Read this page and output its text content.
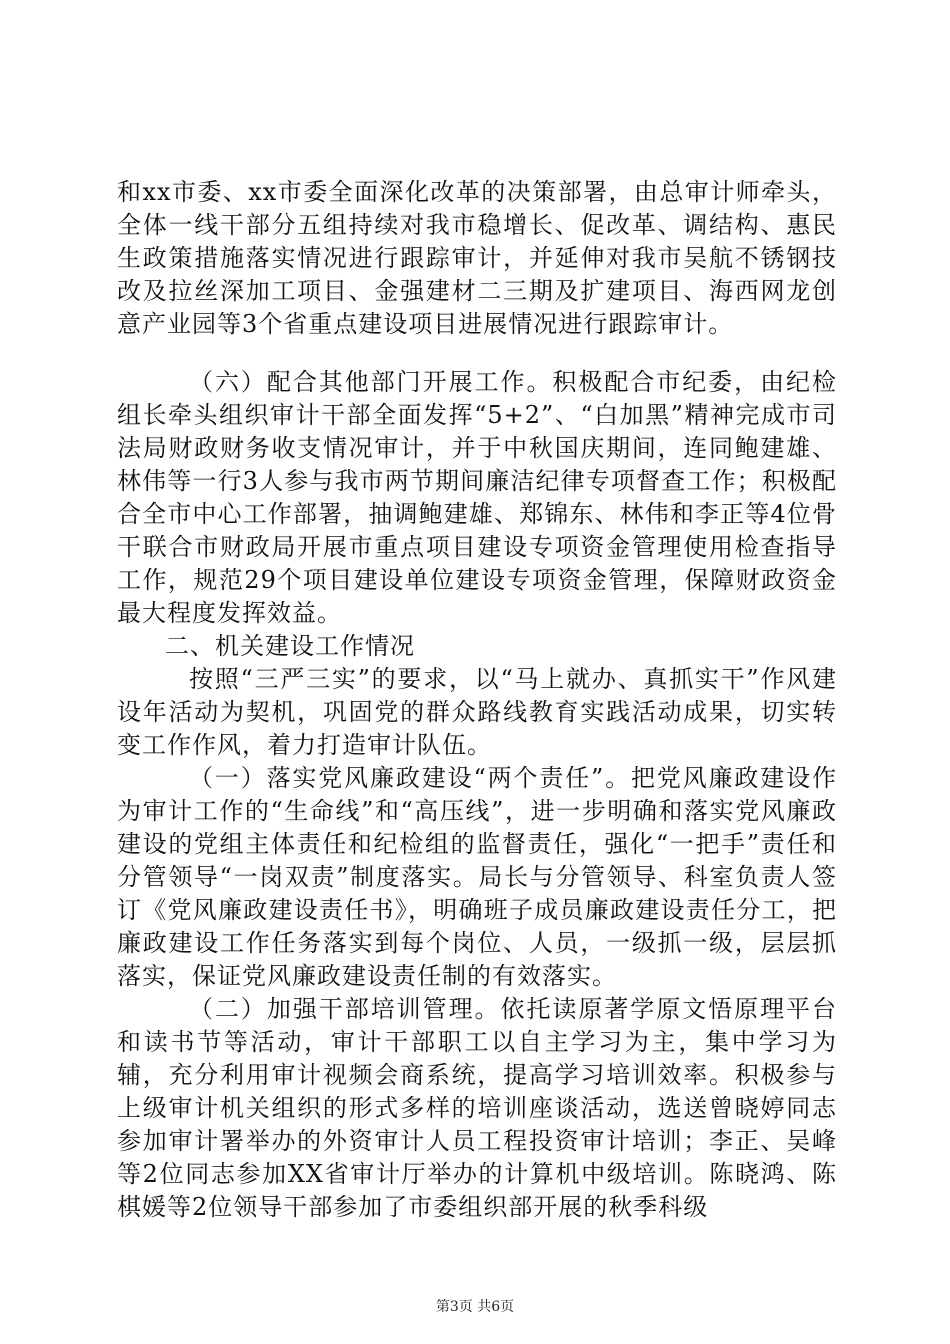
和xx市委、xx市委全面深化改革的决策部署，由总审计师牵头，全体一线干部分五组持续对我市稳增长、促改革、调结构、惠民生政策措施落实情况进行跟踪审计，并延伸对我市吴航不锈钢技改及拉丝深加工项目、金强建材二三期及扩建项目、海西网龙创意产业园等3个省重点建设项目进展情况进行跟踪审计。

（六）配合其他部门开展工作。积极配合市纪委，由纪检组长牵头组织审计干部全面发挥“5+2”、“白加黑”精神完成市司法局财政财务收支情况审计，并于中秋国庆期间，连同鲍建雄、林伟等一行3人参与我市两节期间廉洁纪律专项督查工作；积极配合全市中心工作部署，抽调鲍建雄、郑锦东、林伟和李正等4位骨干联合市财政局开展市重点项目建设专项资金管理使用检查指导工作，规范29个项目建设单位建设专项资金管理，保障财政资金最大程度发挥效益。

二、机关建设工作情况

按照“三严三实”的要求，以“马上就办、真抓实干”作风建设年活动为契机，巩固党的群众路线教育实践活动成果，切实转变工作作风，着力打造审计队伍。

（一）落实党风廉政建设“两个责任”。把党风廉政建设作为审计工作的“生命线”和“高压线”，进一步明确和落实党风廉政建设的党组主体责任和纪检组的监督责任，强化“一把手”责任和分管领导“一岗双责”制度落实。局长与分管领导、科室负责人签订《党风廉政建设责任书》，明确班子成员廉政建设责任分工，把廉政建设工作任务落实到每个岗位、人员，一级抓一级，层层抓落实，保证党风廉政建设责任制的有效落实。

（二）加强干部培训管理。依托读原著学原文悟原理平台和读书节等活动，审计干部职工以自主学习为主，集中学习为辅，充分利用审计视频会商系统，提高学习培训效率。积极参与上级审计机关组织的形式多样的培训座谈活动，选送曾晓婷同志参加审计署举办的外资审计人员工程投资审计培训；李正、吴峰等2位同志参加XX省审计厅举办的计算机中级培训。陈晓鸿、陈棋媛等2位领导干部参加了市委组织部开展的秋季科级

第3页 共6页
